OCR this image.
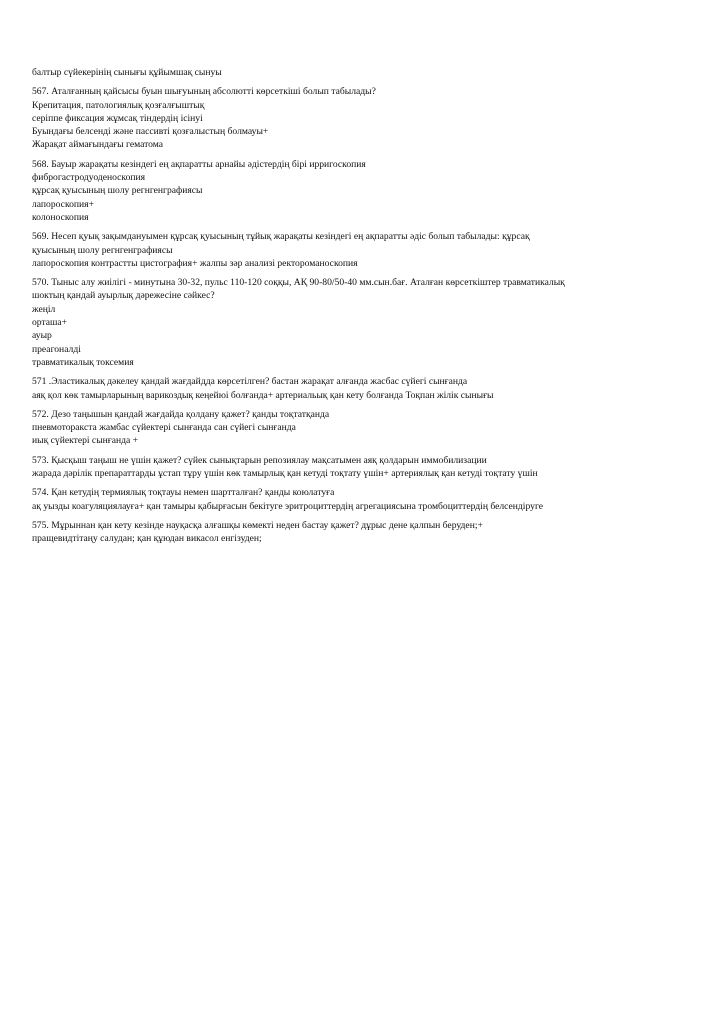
балтыр сүйекерінің сынығы құйымшақ сынуы
567. Аталғанның қайсысы буын шығуының абсолютті көрсеткіші болып табылады?
Крепитация, патологиялық қозғалғыштық
серіппе фиксация жұмсақ тіндердің ісінуі
Буындағы белсенді және пассивті қозғалыстың болмауы+
Жарақат аймағындағы гематома
568. Бауыр жарақаты кезіндегі ең ақпаратты арнайы әдістердің бірі ирригоскопия
фиброгастродуоденоскопия
құрсақ қуысының шолу регнгенграфиясы
лапороскопия+
колоноскопия
569. Несеп қуық зақымдануымен құрсақ қуысының тұйық жарақаты кезіндегі ең ақпаратты әдіс болып табылады: құрсақ
қуысының шолу регнгенграфиясы
лапороскопия контрастты цистография+ жалпы зәр анализі ректороманоскопия
570. Тыныс алу жиілігі - минутына 30-32, пульс 110-120 соққы, АҚ 90-80/50-40 мм.сын.бағ. Аталған көрсеткіштер травматикалық
шоктың қандай ауырлық дәрежесіне сәйкес?
жеңіл
орташа+
ауыр
преагоналді
травматикалық токсемия
571 .Эластикалық дәкелеу қандай жағдайдда көрсетілген? бастан жарақат алғанда жасбас сүйегі сынғанда
аяқ қол көк тамырларының варикоздық кеңейюі болғанда+ артериальық қан кету болғанда Тоқпан жілік сынығы
572. Дезо таңышын қандай жағдайда қолдану қажет? қанды тоқтатқанда
пневмоторакста жамбас сүйектері сынғанда сан сүйегі сынғанда
иық сүйектері сынғанда +
573. Қысқыш таңыш не үшін қажет? сүйек сынықтарын репозиялау мақсатымен аяқ қолдарын иммобилизации
жарада дәрілік препараттарды ұстап тұру үшін көк тамырлық қан кетуді тоқтату үшін+ артериялық қан кетуді тоқтату үшін
574. Қан кетудің термиялық тоқтауы немен шартталған? қанды коюлатуға
ақ уызды коагуляциялауға+ қан тамыры қабырғасын бекітуге эритроциттердің агрегациясына тромбоциттердің белсендіруге
575. Мұрыннан қан кету кезінде науқасқа алғашқы көмекті неден бастау қажет? дұрыс дене қалпын беруден;+
пращевидтітаңу салудан; қан құюдан викасол енгізуден;
